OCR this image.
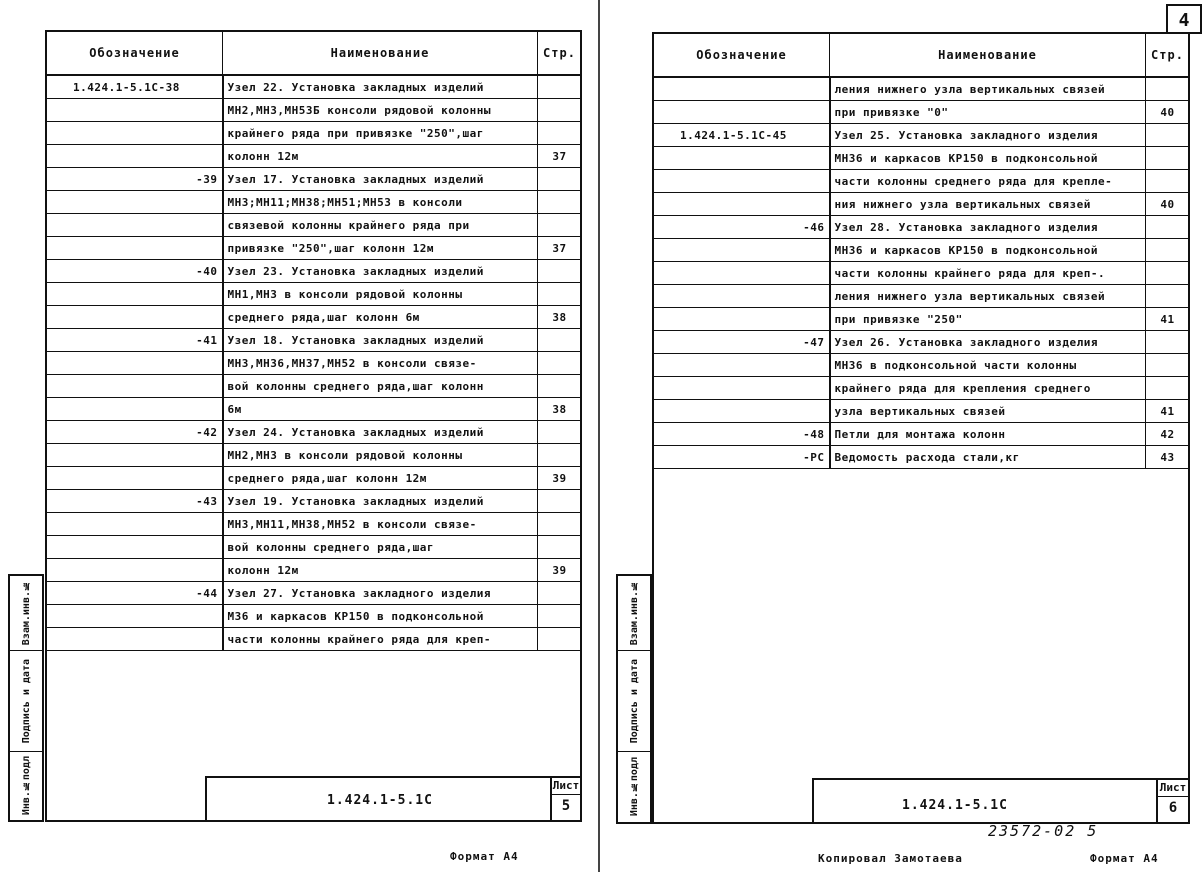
Обозначение	Наименование	Стр.
1.424.1-5.1С-38	Узел 22. Установка закладных изделий	
	МН2,МН3,МН53Б консоли рядовой колонны	
	крайнего ряда при привязке "250",шаг	
	колонн 12м	37
-39	Узел 17. Установка закладных изделий	
	МН3;МН11;МН38;МН51;МН53 в консоли	
	связевой колонны крайнего ряда при	
	привязке "250",шаг колонн 12м	37
-40	Узел 23. Установка закладных изделий	
	МН1,МН3 в консоли рядовой колонны	
	среднего ряда,шаг колонн 6м	38
-41	Узел 18. Установка закладных изделий	
	МН3,МН36,МН37,МН52 в консоли связе-	
	вой колонны среднего ряда,шаг колонн	
	6м	38
-42	Узел 24. Установка закладных изделий	
	МН2,МН3 в консоли рядовой колонны	
	среднего ряда,шаг колонн 12м	39
-43	Узел 19. Установка закладных изделий	
	МН3,МН11,МН38,МН52 в консоли связе-	
	вой колонны среднего ряда,шаг	
	колонн 12м	39
-44	Узел 27. Установка закладного изделия	
	М36 и каркасов КР150 в подконсольной	
	части колонны крайнего ряда для креп-	
Взам.инв.№
Подпись и дата
Инв.№подл	1.424.1-5.1С
Лист
5
Формат А4
4
Обозначение	Наименование	Стр.
	ления нижнего узла вертикальных связей	
	при привязке "0"	40
1.424.1-5.1С-45	Узел 25. Установка закладного изделия	
	МН36 и каркасов КР150 в подконсольной	
	части колонны среднего ряда для крепле-	
	ния нижнего узла вертикальных связей	40
-46	Узел 28. Установка закладного изделия	
	МН36 и каркасов КР150 в подконсольной	
	части колонны крайнего ряда для креп-.	
	ления нижнего узла вертикальных связей	
	при привязке "250"	41
-47	Узел 26. Установка закладного изделия	
	МН36 в подконсольной части колонны	
	крайнего ряда для крепления среднего	
	узла вертикальных связей	41
-48	Петли для монтажа колонн	42
-РС	Ведомость расхода стали,кг	43
Взам.инв.№
Подпись и дата
Инв.№подл	1.424.1-5.1С
Лист
6
23572-02 5
Копировал Замотаева	Формат А4
